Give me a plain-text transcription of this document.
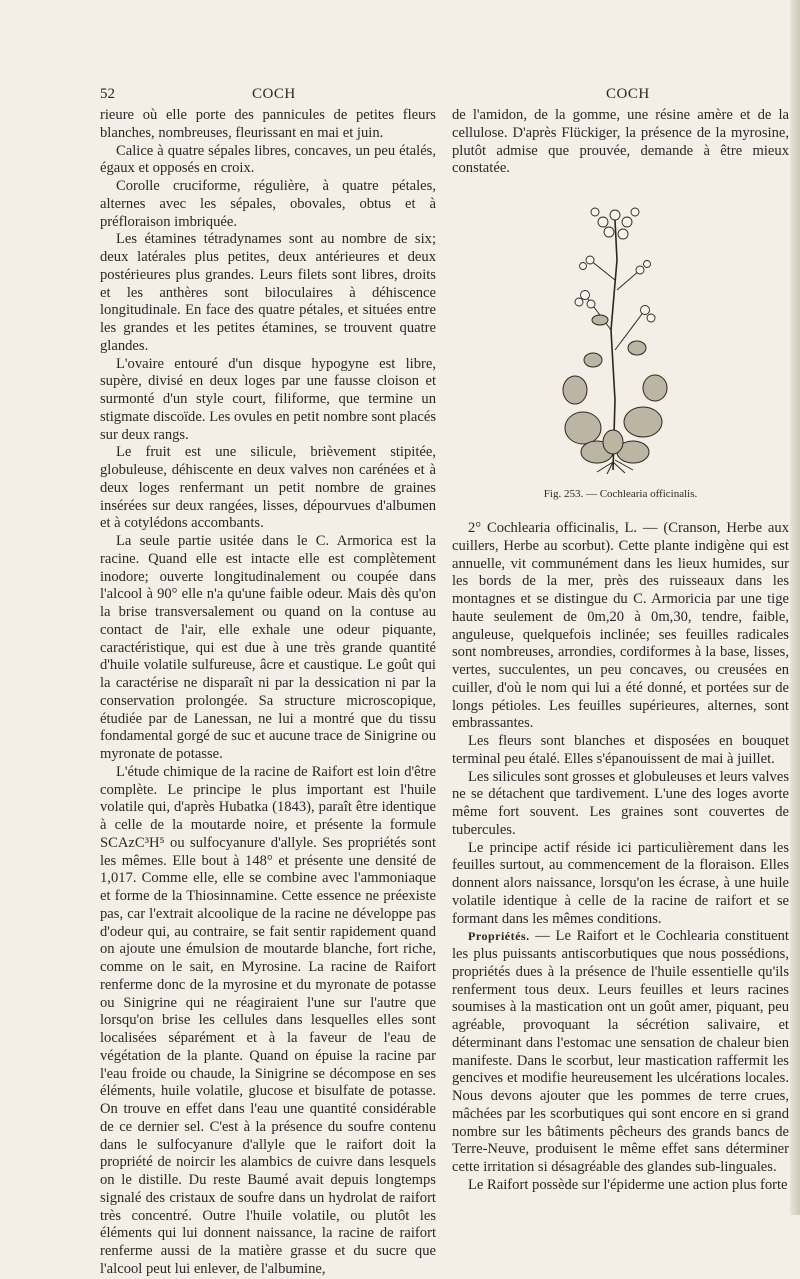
52	COCH	COCH

rieure où elle porte des pannicules de petites fleurs blanches, nombreuses, fleurissant en mai et juin.

Calice à quatre sépales libres, concaves, un peu étalés, égaux et opposés en croix.

Corolle cruciforme, régulière, à quatre pétales, alternes avec les sépales, obovales, obtus et à préfloraison imbriquée.

Les étamines tétradynames sont au nombre de six; deux latérales plus petites, deux antérieures et deux postérieures plus grandes. Leurs filets sont libres, droits et les anthères sont biloculaires à déhiscence longitudinale. En face des quatre pétales, et situées entre les grandes et les petites étamines, se trouvent quatre glandes.

L'ovaire entouré d'un disque hypogyne est libre, supère, divisé en deux loges par une fausse cloison et surmonté d'un style court, filiforme, que termine un stigmate discoïde. Les ovules en petit nombre sont placés sur deux rangs.

Le fruit est une silicule, brièvement stipitée, globuleuse, déhiscente en deux valves non carénées et à deux loges renfermant un petit nombre de graines insérées sur deux rangées, lisses, dépourvues d'albumen et à cotylédons accombants.

La seule partie usitée dans le C. Armorica est la racine. Quand elle est intacte elle est complètement inodore; ouverte longitudinalement ou coupée dans l'alcool à 90° elle n'a qu'une faible odeur. Mais dès qu'on la brise transversalement ou quand on la contuse au contact de l'air, elle exhale une odeur piquante, caractéristique, qui est due à une très grande quantité d'huile volatile sulfureuse, âcre et caustique. Le goût qui la caractérise ne disparaît ni par la dessication ni par la conservation prolongée. Sa structure microscopique, étudiée par de Lanessan, ne lui a montré que du tissu fondamental gorgé de suc et aucune trace de Sinigrine ou myronate de potasse.

L'étude chimique de la racine de Raifort est loin d'être complète. Le principe le plus important est l'huile volatile qui, d'après Hubatka (1843), paraît être identique à celle de la moutarde noire, et présente la formule SCAzC³H⁵ ou sulfocyanure d'allyle. Ses propriétés sont les mêmes. Elle bout à 148° et présente une densité de 1,017. Comme elle, elle se combine avec l'ammoniaque et forme de la Thiosinnamine. Cette essence ne préexiste pas, car l'extrait alcoolique de la racine ne développe pas d'odeur qui, au contraire, se fait sentir rapidement quand on ajoute une émulsion de moutarde blanche, fort riche, comme on le sait, en Myrosine. La racine de Raifort renferme donc de la myrosine et du myronate de potasse ou Sinigrine qui ne réagiraient l'une sur l'autre que lorsqu'on brise les cellules dans lesquelles elles sont localisées séparément et à la faveur de l'eau de végétation de la plante. Quand on épuise la racine par l'eau froide ou chaude, la Sinigrine se décompose en ses éléments, huile volatile, glucose et bisulfate de potasse. On trouve en effet dans l'eau une quantité considérable de ce dernier sel. C'est à la présence du soufre contenu dans le sulfocyanure d'allyle que le raifort doit la propriété de noircir les alambics de cuivre dans lesquels on le distille. Du reste Baumé avait depuis longtemps signalé des cristaux de soufre dans un hydrolat de raifort très concentré. Outre l'huile volatile, ou plutôt les éléments qui lui donnent naissance, la racine de raifort renferme aussi de la matière grasse et du sucre que l'alcool peut lui enlever, de l'albumine,

de l'amidon, de la gomme, une résine amère et de la cellulose. D'après Flückiger, la présence de la myrosine, plutôt admise que prouvée, demande à être mieux constatée.

Fig. 253. — Cochlearia officinalis.

2° Cochlearia officinalis, L. — (Cranson, Herbe aux cuillers, Herbe au scorbut). Cette plante indigène qui est annuelle, vit communément dans les lieux humides, sur les bords de la mer, près des ruisseaux dans les montagnes et se distingue du C. Armoricia par une tige haute seulement de 0m,20 à 0m,30, tendre, faible, anguleuse, quelquefois inclinée; ses feuilles radicales sont nombreuses, arrondies, cordiformes à la base, lisses, vertes, succulentes, un peu concaves, ou creusées en cuiller, d'où le nom qui lui a été donné, et portées sur de longs pétioles. Les feuilles supérieures, alternes, sont embrassantes.

Les fleurs sont blanches et disposées en bouquet terminal peu étalé. Elles s'épanouissent de mai à juillet.

Les silicules sont grosses et globuleuses et leurs valves ne se détachent que tardivement. L'une des loges avorte même fort souvent. Les graines sont couvertes de tubercules.

Le principe actif réside ici particulièrement dans les feuilles surtout, au commencement de la floraison. Elles donnent alors naissance, lorsqu'on les écrase, à une huile volatile identique à celle de la racine de raifort et se formant dans les mêmes conditions.

Propriétés. — Le Raifort et le Cochlearia constituent les plus puissants antiscorbutiques que nous possédions, propriétés dues à la présence de l'huile essentielle qu'ils renferment tous deux. Leurs feuilles et leurs racines soumises à la mastication ont un goût amer, piquant, peu agréable, provoquant la sécrétion salivaire, et déterminant dans l'estomac une sensation de chaleur bien manifeste. Dans le scorbut, leur mastication raffermit les gencives et modifie heureusement les ulcérations locales. Nous devons ajouter que les pommes de terre crues, mâchées par les scorbutiques qui sont encore en si grand nombre sur les bâtiments pêcheurs des grands bancs de Terre-Neuve, produisent le même effet sans déterminer cette irritation si désagréable des glandes sub-linguales.

Le Raifort possède sur l'épiderme une action plus forte
